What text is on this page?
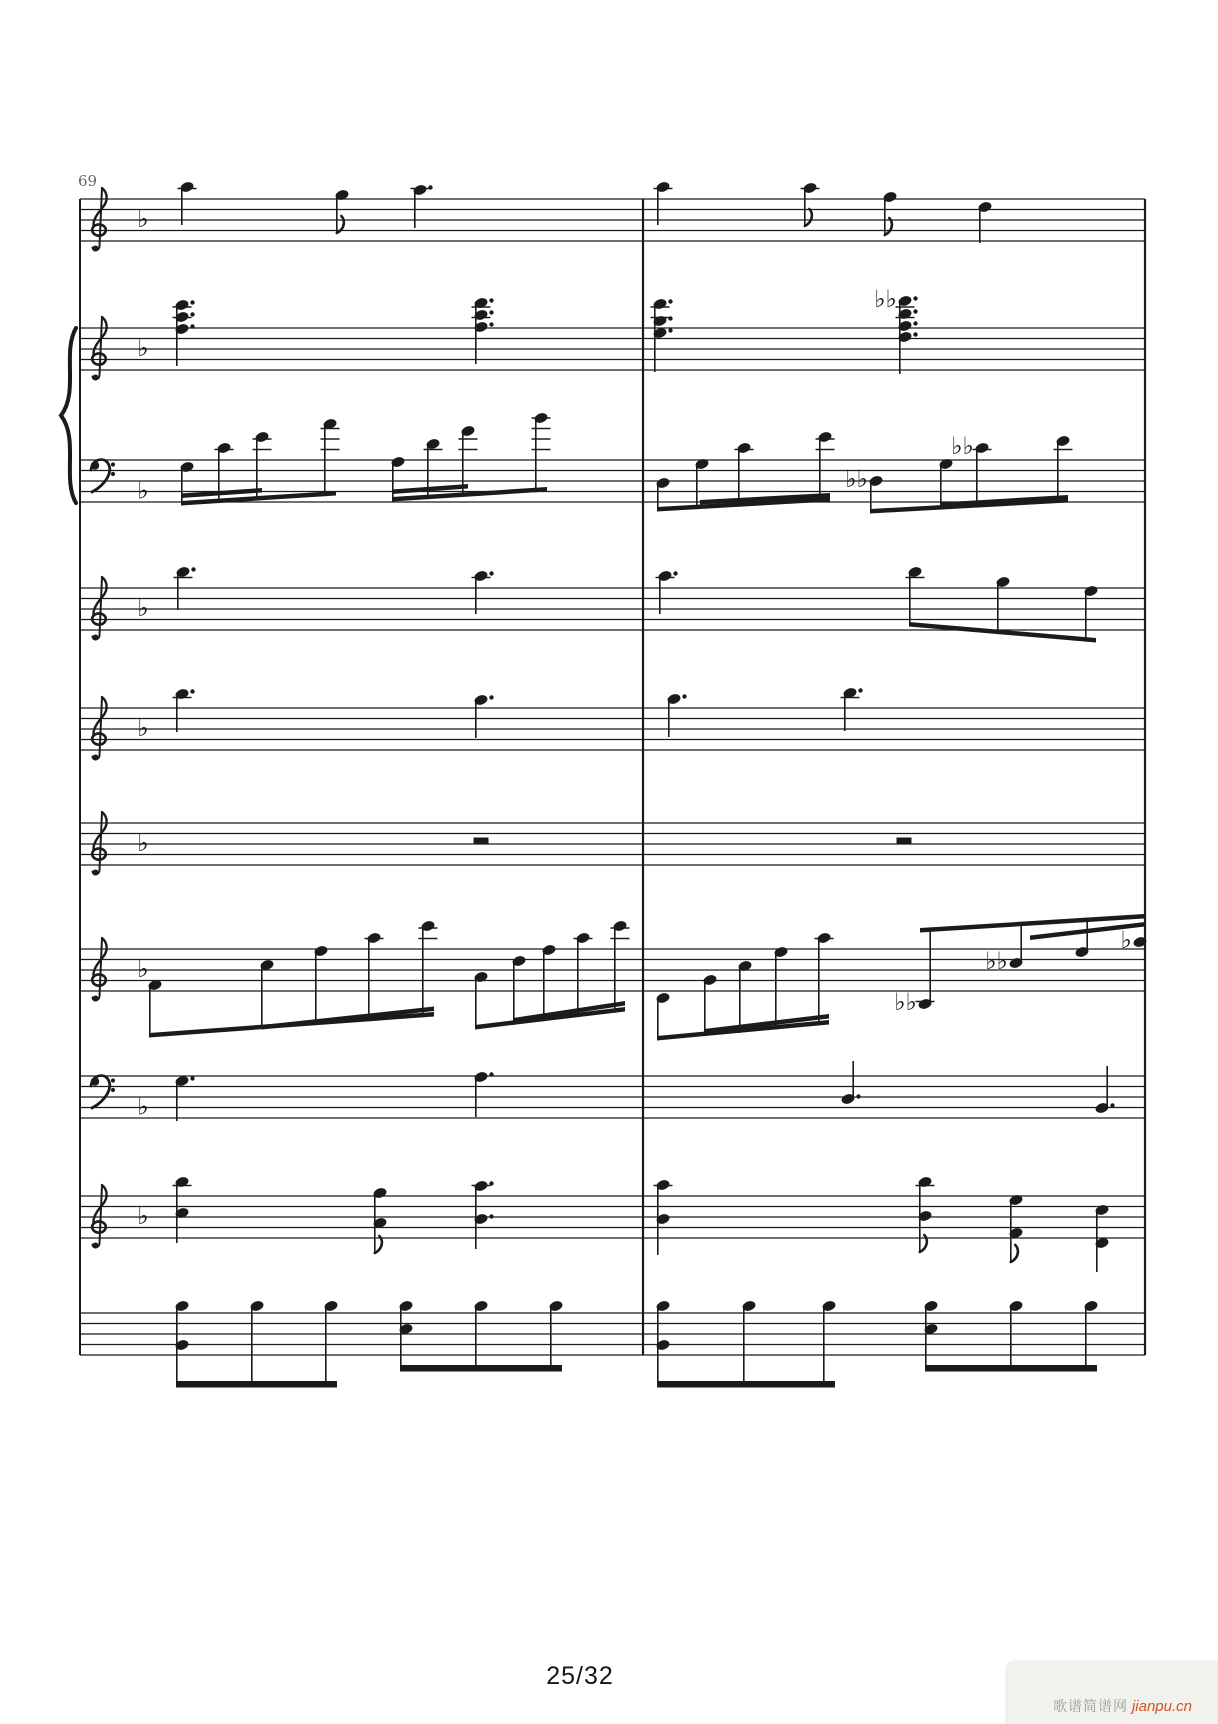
69
♭
♭
♭♭
♭	♭♭
♭♭
♭
♭
♭
♭
♭♭
♭♭
♭
♭
♭
25/32
歌谱简谱网 jianpu.cn
